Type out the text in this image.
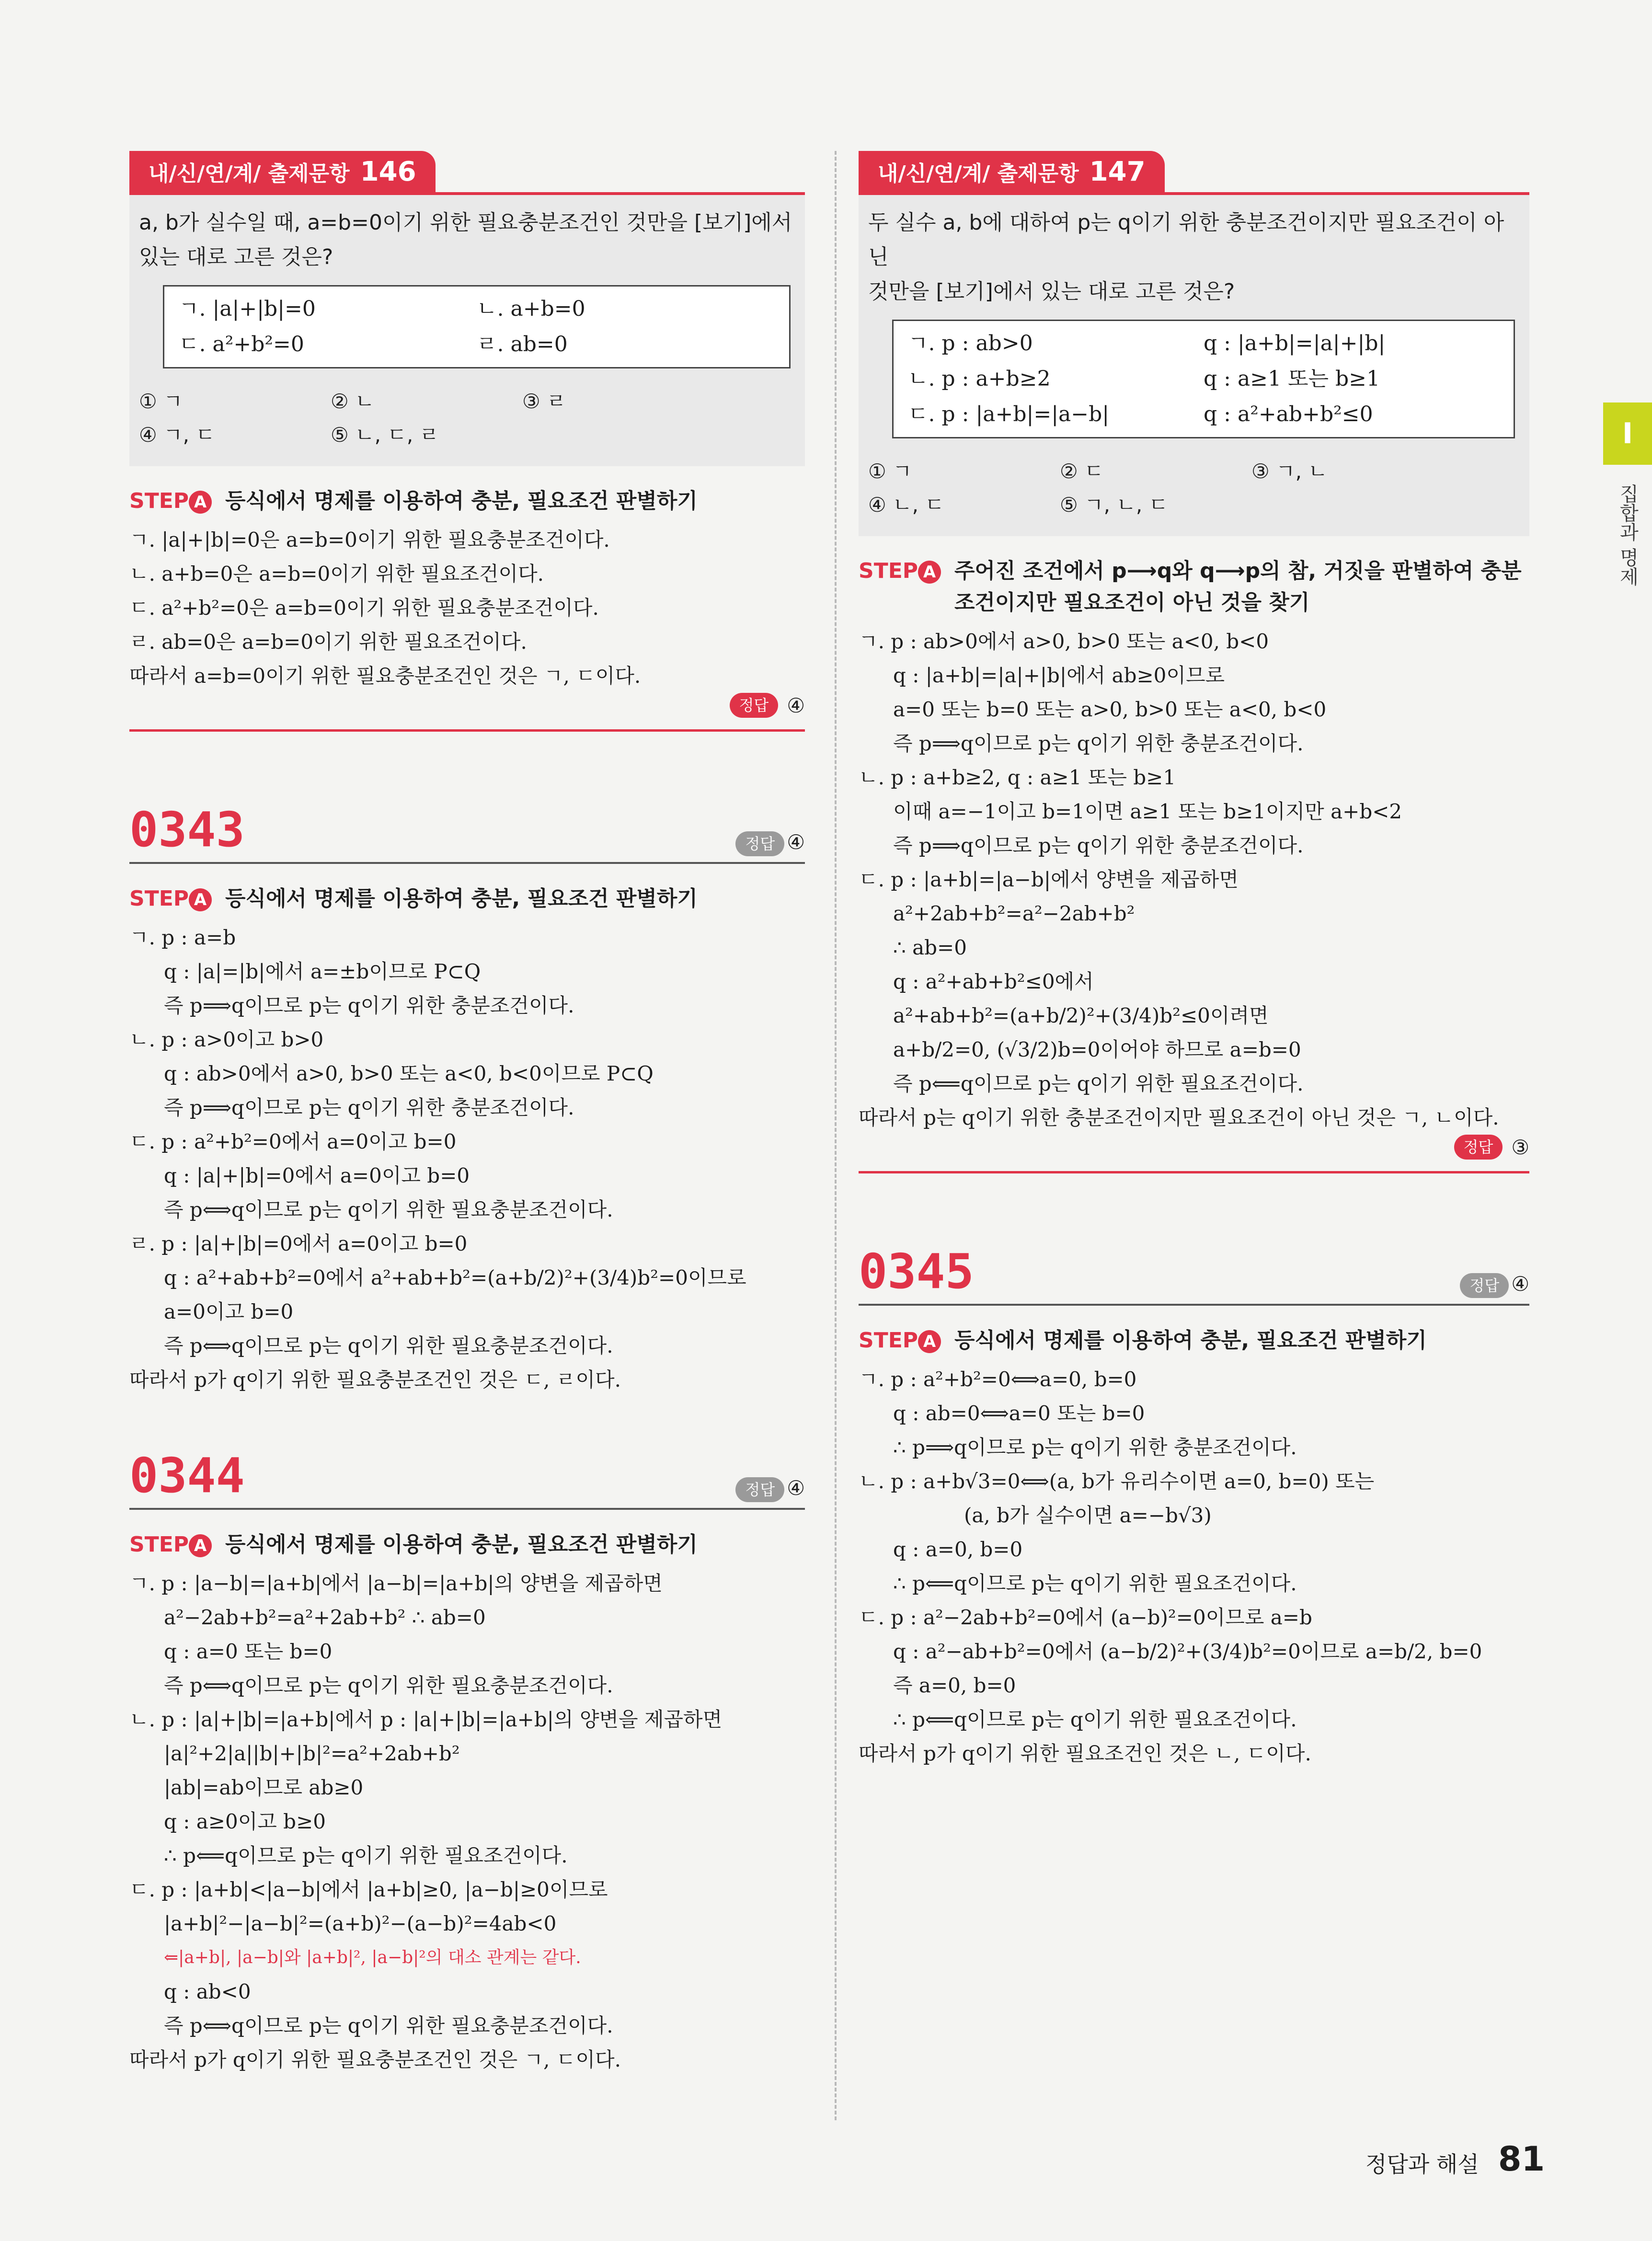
내/신/연/계/ 출제문항 146
a, b가 실수일 때, a=b=0이기 위한 필요충분조건인 것만을 [보기]에서
있는 대로 고른 것은?
ㄱ. |a|+|b|=0	ㄴ. a+b=0
ㄷ. a²+b²=0	ㄹ. ab=0
① ㄱ	② ㄴ	③ ㄹ
④ ㄱ, ㄷ	⑤ ㄴ, ㄷ, ㄹ
STEP A 등식에서 명제를 이용하여 충분, 필요조건 판별하기
ㄱ. |a|+|b|=0은 a=b=0이기 위한 필요충분조건이다.
ㄴ. a+b=0은 a=b=0이기 위한 필요조건이다.
ㄷ. a²+b²=0은 a=b=0이기 위한 필요충분조건이다.
ㄹ. ab=0은 a=b=0이기 위한 필요조건이다.
따라서 a=b=0이기 위한 필요충분조건인 것은 ㄱ, ㄷ이다.
정답 ④
0343	정답 ④
STEP A 등식에서 명제를 이용하여 충분, 필요조건 판별하기
ㄱ. p : a=b
q : |a|=|b|에서 a=±b이므로 P⊂Q
즉 p⟹q이므로 p는 q이기 위한 충분조건이다.
ㄴ. p : a>0이고 b>0
q : ab>0에서 a>0, b>0 또는 a<0, b<0이므로 P⊂Q
즉 p⟹q이므로 p는 q이기 위한 충분조건이다.
ㄷ. p : a²+b²=0에서 a=0이고 b=0
q : |a|+|b|=0에서 a=0이고 b=0
즉 p⟺q이므로 p는 q이기 위한 필요충분조건이다.
ㄹ. p : |a|+|b|=0에서 a=0이고 b=0
q : a²+ab+b²=0에서 a²+ab+b²=(a+b/2)²+(3/4)b²=0이므로
a=0이고 b=0
즉 p⟺q이므로 p는 q이기 위한 필요충분조건이다.
따라서 p가 q이기 위한 필요충분조건인 것은 ㄷ, ㄹ이다.
0344	정답 ④
STEP A 등식에서 명제를 이용하여 충분, 필요조건 판별하기
ㄱ. p : |a−b|=|a+b|에서 |a−b|=|a+b|의 양변을 제곱하면
a²−2ab+b²=a²+2ab+b² ∴ ab=0
q : a=0 또는 b=0
즉 p⟺q이므로 p는 q이기 위한 필요충분조건이다.
ㄴ. p : |a|+|b|=|a+b|에서 p : |a|+|b|=|a+b|의 양변을 제곱하면
|a|²+2|a||b|+|b|²=a²+2ab+b²
|ab|=ab이므로 ab≥0
q : a≥0이고 b≥0
∴ p⟸q이므로 p는 q이기 위한 필요조건이다.
ㄷ. p : |a+b|<|a−b|에서 |a+b|≥0, |a−b|≥0이므로
|a+b|²−|a−b|²=(a+b)²−(a−b)²=4ab<0
⇐|a+b|, |a−b|와 |a+b|², |a−b|²의 대소 관계는 같다.
q : ab<0
즉 p⟺q이므로 p는 q이기 위한 필요충분조건이다.
따라서 p가 q이기 위한 필요충분조건인 것은 ㄱ, ㄷ이다.
내/신/연/계/ 출제문항 147
두 실수 a, b에 대하여 p는 q이기 위한 충분조건이지만 필요조건이 아닌
것만을 [보기]에서 있는 대로 고른 것은?
ㄱ. p : ab>0	q : |a+b|=|a|+|b|
ㄴ. p : a+b≥2	q : a≥1 또는 b≥1
ㄷ. p : |a+b|=|a−b|	q : a²+ab+b²≤0
① ㄱ	② ㄷ	③ ㄱ, ㄴ
④ ㄴ, ㄷ	⑤ ㄱ, ㄴ, ㄷ
STEP A 주어진 조건에서 p⟶q와 q⟶p의 참, 거짓을 판별하여 충분조건이지만 필요조건이 아닌 것을 찾기
ㄱ. p : ab>0에서 a>0, b>0 또는 a<0, b<0
q : |a+b|=|a|+|b|에서 ab≥0이므로
a=0 또는 b=0 또는 a>0, b>0 또는 a<0, b<0
즉 p⟹q이므로 p는 q이기 위한 충분조건이다.
ㄴ. p : a+b≥2, q : a≥1 또는 b≥1
이때 a=−1이고 b=1이면 a≥1 또는 b≥1이지만 a+b<2
즉 p⟹q이므로 p는 q이기 위한 충분조건이다.
ㄷ. p : |a+b|=|a−b|에서 양변을 제곱하면
a²+2ab+b²=a²−2ab+b²
∴ ab=0
q : a²+ab+b²≤0에서
a²+ab+b²=(a+b/2)²+(3/4)b²≤0이려면
a+b/2=0, (√3/2)b=0이어야 하므로 a=b=0
즉 p⟸q이므로 p는 q이기 위한 필요조건이다.
따라서 p는 q이기 위한 충분조건이지만 필요조건이 아닌 것은 ㄱ, ㄴ이다.
정답 ③
0345	정답 ④
STEP A 등식에서 명제를 이용하여 충분, 필요조건 판별하기
ㄱ. p : a²+b²=0⟺a=0, b=0
q : ab=0⟺a=0 또는 b=0
∴ p⟹q이므로 p는 q이기 위한 충분조건이다.
ㄴ. p : a+b√3=0⟺(a, b가 유리수이면 a=0, b=0) 또는
(a, b가 실수이면 a=−b√3)
q : a=0, b=0
∴ p⟸q이므로 p는 q이기 위한 필요조건이다.
ㄷ. p : a²−2ab+b²=0에서 (a−b)²=0이므로 a=b
q : a²−ab+b²=0에서 (a−b/2)²+(3/4)b²=0이므로 a=b/2, b=0
즉 a=0, b=0
∴ p⟸q이므로 p는 q이기 위한 필요조건이다.
따라서 p가 q이기 위한 필요조건인 것은 ㄴ, ㄷ이다.
I
집합과 명제
정답과 해설 81
